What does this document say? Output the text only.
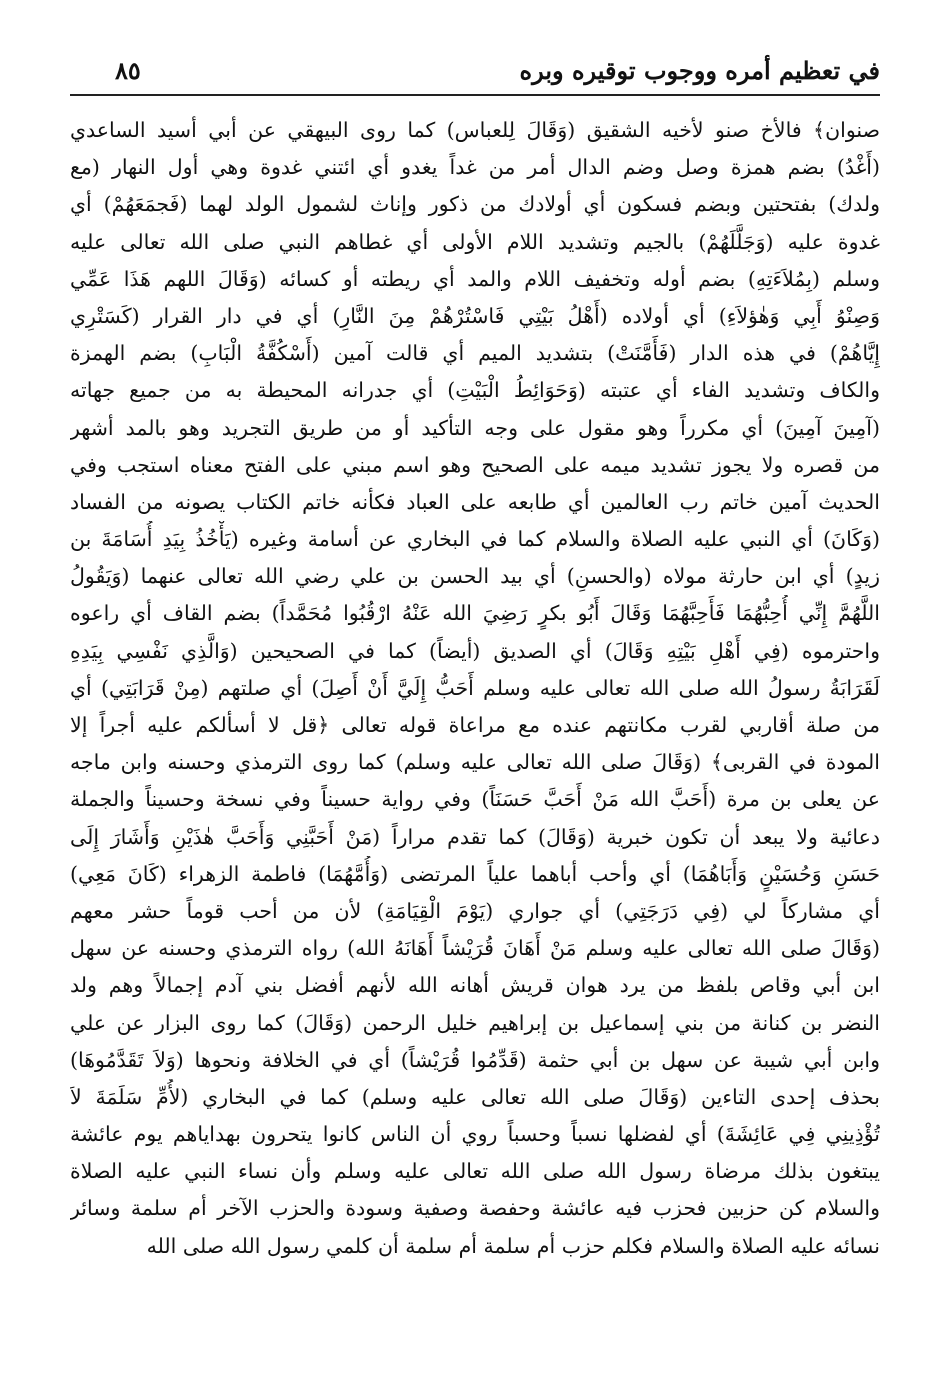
في تعظيم أمره ووجوب توقيره وبره
٨٥
صنوان﴾ فالأخ صنو لأخيه الشقيق (وَقَالَ لِلعباس) كما روى البيهقي عن أبي أسيد الساعدي
(أَغْدُ) بضم همزة وصل وضم الدال أمر من غداً يغدو أي ائتني غدوة وهي أول النهار (مع
ولدك) بفتحتين وبضم فسكون أي أولادك من ذكور وإناث لشمول الولد لهما (فَجمَعَهُمْ) أي
غدوة عليه (وَجَلَّلَهُمْ) بالجيم وتشديد اللام الأولى أي غطاهم النبي صلى الله تعالى عليه
وسلم (بِمُلاَءَتِهِ) بضم أوله وتخفيف اللام والمد أي ريطته أو كسائه (وَقَالَ اللهم هَذَا عَمِّي
وَصِنْوُ أَبِي وَهٰؤلاَءِ) أي أولاده (أَهْلُ بَيْتِي فَاسْتُرْهُمْ مِنَ النَّارِ) أي في دار القرار (كَسَتْرِي
إِيَّاهُمْ) في هذه الدار (فَأَمَّنَتْ) بتشديد الميم أي قالت آمين (أَسْكُفَّةُ الْبَابِ) بضم الهمزة
والكاف وتشديد الفاء أي عتبته (وَحَوَائِطُ الْبَيْتِ) أي جدرانه المحيطة به من جميع جهاته
(آمِينَ آمِينَ) أي مكرراً وهو مقول على وجه التأكيد أو من طريق التجريد وهو بالمد أشهر
من قصره ولا يجوز تشديد ميمه على الصحيح وهو اسم مبني على الفتح معناه استجب وفي
الحديث آمين خاتم رب العالمين أي طابعه على العباد فكأنه خاتم الكتاب يصونه من الفساد
(وَكَانَ) أي النبي عليه الصلاة والسلام كما في البخاري عن أسامة وغيره (يَأْخُذُ بِيَدِ أُسَامَةَ بن
زيدٍ) أي ابن حارثة مولاه (والحسنِ) أي بيد الحسن بن علي رضي الله تعالى عنهما (وَيَقُولُ
اللَّهُمَّ إِنِّي أُحِبُّهُمَا فَأَحِبَّهُمَا وَقَالَ أَبُو بكرٍ رَضِيَ الله عَنْهُ ارْقُبُوا مُحَمَّداً) بضم القاف أي راعوه
واحترموه (فِي أَهْلِ بَيْتِهِ وَقَالَ) أي الصديق (أيضاً) كما في الصحيحين (وَالَّذِي نَفْسِي بِيَدِهِ
لَقَرَابَةُ رسولُ الله صلى الله تعالى عليه وسلم أَحَبُّ إِلَيَّ أَنْ أَصِلَ) أي صلتهم (مِنْ قَرَابَتِي) أي
من صلة أقاربي لقرب مكانتهم عنده مع مراعاة قوله تعالى ﴿قل لا أسألكم عليه أجراً إلا
المودة في القربى﴾ (وَقَالَ صلى الله تعالى عليه وسلم) كما روى الترمذي وحسنه وابن ماجه
عن يعلى بن مرة (أَحَبَّ الله مَنْ أَحَبَّ حَسَنَاً) وفي رواية حسيناً وفي نسخة وحسيناً والجملة
دعائية ولا يبعد أن تكون خبرية (وَقَالَ) كما تقدم مراراً (مَنْ أَحَبَّنِي وَأَحَبَّ هٰذَيْنِ وَأَشَارَ إِلَى
حَسَنِ وَحُسَيْنٍ وَأَبَاهُمَا) أي وأحب أباهما علياً المرتضى (وَأُمَّهُمَا) فاطمة الزهراء (كَانَ مَعِي)
أي مشاركاً لي (فِي دَرَجَتِي) أي جواري (يَوْمَ الْقِيَامَةِ) لأن من أحب قوماً حشر معهم
(وَقَالَ صلى الله تعالى عليه وسلم مَنْ أَهَانَ قُرَيْشاً أَهَانَهُ الله) رواه الترمذي وحسنه عن سهل
ابن أبي وقاص بلفظ من يرد هوان قريش أهانه الله لأنهم أفضل بني آدم إجمالاً وهم ولد
النضر بن كنانة من بني إسماعيل بن إبراهيم خليل الرحمن (وَقَالَ) كما روى البزار عن علي
وابن أبي شيبة عن سهل بن أبي حثمة (قَدِّمُوا قُرَيْشاً) أي في الخلافة ونحوها (وَلاَ تَقَدَّمُوهَا)
بحذف إحدى التاءين (وَقَالَ صلى الله تعالى عليه وسلم) كما في البخاري (لأُمِّ سَلَمَةَ لاَ
تُؤْذِينِي فِي عَائِشَةَ) أي لفضلها نسباً وحسباً روي أن الناس كانوا يتحرون بهداياهم يوم عائشة
يبتغون بذلك مرضاة رسول الله صلى الله تعالى عليه وسلم وأن نساء النبي عليه الصلاة
والسلام كن حزبين فحزب فيه عائشة وحفصة وصفية وسودة والحزب الآخر أم سلمة وسائر
نسائه عليه الصلاة والسلام فكلم حزب أم سلمة أم سلمة أن كلمي رسول الله صلى الله
